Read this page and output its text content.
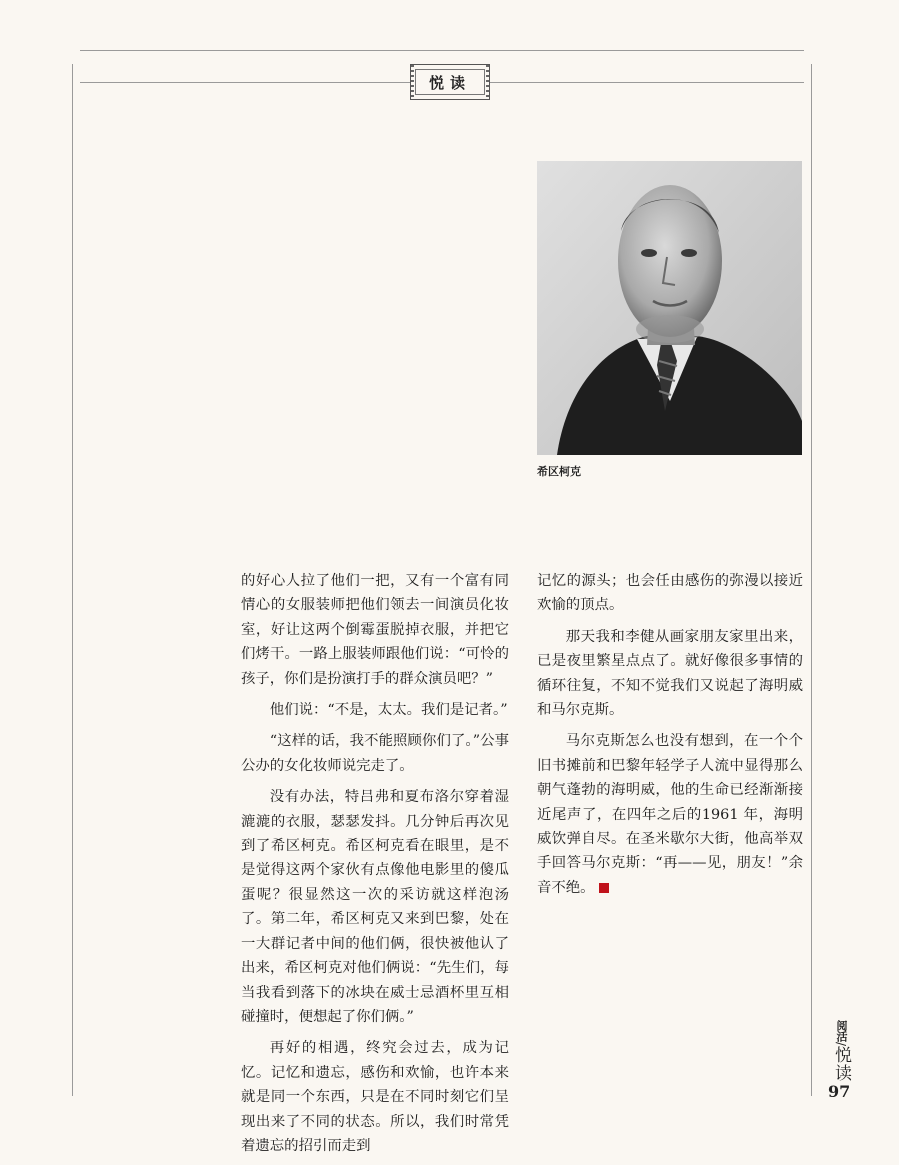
悦读
希区柯克

的好心人拉了他们一把，又有一个富有同情心的女服装师把他们领去一间演员化妆室，好让这两个倒霉蛋脱掉衣服，并把它们烤干。一路上服装师跟他们说：“可怜的孩子，你们是扮演打手的群众演员吧？”

他们说：“不是，太太。我们是记者。”

“这样的话，我不能照顾你们了。”公事公办的女化妆师说完走了。

没有办法，特吕弗和夏布洛尔穿着湿漉漉的衣服，瑟瑟发抖。几分钟后再次见到了希区柯克。希区柯克看在眼里，是不是觉得这两个家伙有点像他电影里的傻瓜蛋呢？很显然这一次的采访就这样泡汤了。第二年，希区柯克又来到巴黎，处在一大群记者中间的他们俩，很快被他认了出来，希区柯克对他们俩说：“先生们，每当我看到落下的冰块在威士忌酒杯里互相碰撞时，便想起了你们俩。”

再好的相遇，终究会过去，成为记忆。记忆和遗忘，感伤和欢愉，也许本来就是同一个东西，只是在不同时刻它们呈现出来了不同的状态。所以，我们时常凭着遗忘的招引而走到

记忆的源头；也会任由感伤的弥漫以接近欢愉的顶点。

那天我和李健从画家朋友家里出来，已是夜里繁星点点了。就好像很多事情的循环往复，不知不觉我们又说起了海明威和马尔克斯。

马尔克斯怎么也没有想到，在一个个旧书摊前和巴黎年轻学子人流中显得那么朝气蓬勃的海明威，他的生命已经渐渐接近尾声了，在四年之后的1961 年，海明威饮弹自尽。在圣米歇尔大街，他高举双手回答马尔克斯：“再——见，朋友！”余音不绝。

阅活/悦读
97
